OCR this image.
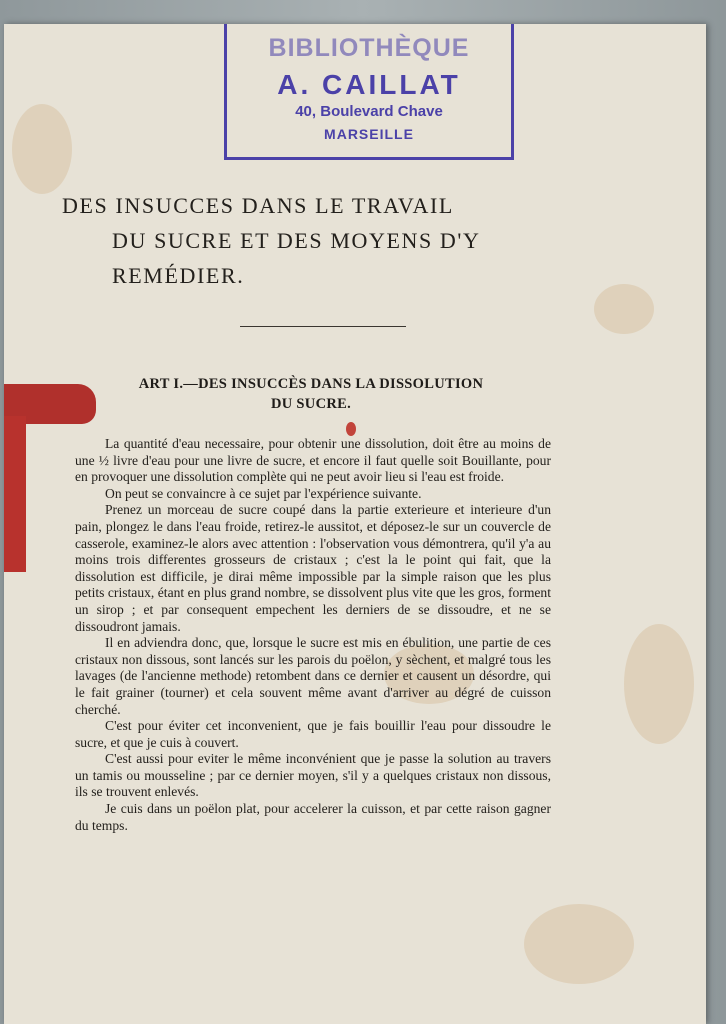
BIBLIOTHÈQUE
A. CAILLAT
40, Boulevard Chave
MARSEILLE
DES INSUCCES DANS LE TRAVAIL
DU SUCRE ET DES MOYENS D'Y
REMÉDIER.
ART I.—DES INSUCCÈS DANS LA DISSOLUTION
DU SUCRE.

La quantité d'eau necessaire, pour obtenir une dissolution, doit être au moins de une ½ livre d'eau pour une livre de sucre, et encore il faut quelle soit Bouillante, pour en provoquer une dissolution complète qui ne peut avoir lieu si l'eau est froide.

On peut se convaincre à ce sujet par l'expérience suivante.

Prenez un morceau de sucre coupé dans la partie exterieure et interieure d'un pain, plongez le dans l'eau froide, retirez-le aussitot, et déposez-le sur un couvercle de casserole, examinez-le alors avec attention : l'observation vous démontrera, qu'il y'a au moins trois differentes grosseurs de cristaux ; c'est la le point qui fait, que la dissolution est difficile, je dirai même impossible par la simple raison que les plus petits cristaux, étant en plus grand nombre, se dissolvent plus vite que les gros, forment un sirop ; et par consequent empechent les derniers de se dissoudre, et ne se dissoudront jamais.

Il en adviendra donc, que, lorsque le sucre est mis en ébulition, une partie de ces cristaux non dissous, sont lancés sur les parois du poëlon, y sèchent, et malgré tous les lavages (de l'ancienne methode) retombent dans ce dernier et causent un désordre, qui le fait grainer (tourner) et cela souvent même avant d'arriver au dégré de cuisson cherché.

C'est pour éviter cet inconvenient, que je fais bouillir l'eau pour dissoudre le sucre, et que je cuis à couvert.

C'est aussi pour eviter le même inconvénient que je passe la solution au travers un tamis ou mousseline ; par ce dernier moyen, s'il y a quelques cristaux non dissous, ils se trouvent enlevés.

Je cuis dans un poëlon plat, pour accelerer la cuisson, et par cette raison gagner du temps.
